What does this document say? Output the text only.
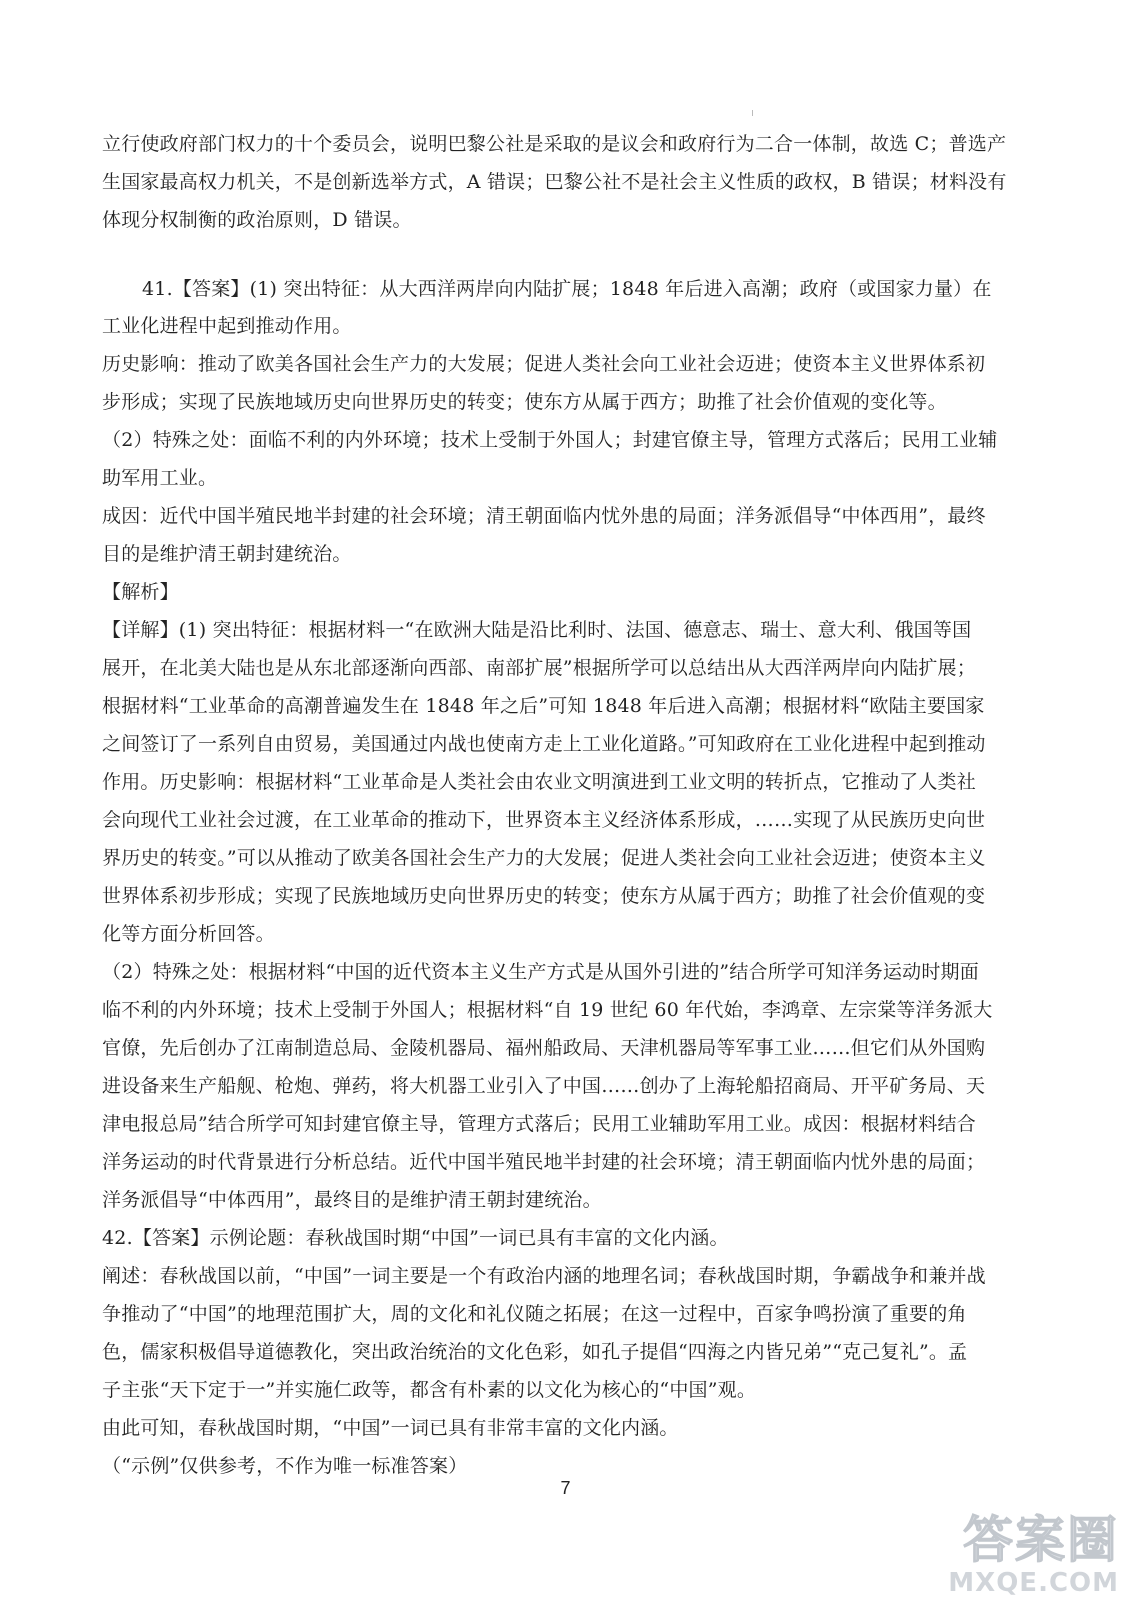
立行使政府部门权力的十个委员会，说明巴黎公社是采取的是议会和政府行为二合一体制，故选 C；普选产
生国家最高权力机关，不是创新选举方式，A 错误；巴黎公社不是社会主义性质的政权，B 错误；材料没有
体现分权制衡的政治原则，D 错误。
41.【答案】(1) 突出特征：从大西洋两岸向内陆扩展；1848 年后进入高潮；政府（或国家力量）在
工业化进程中起到推动作用。
历史影响：推动了欧美各国社会生产力的大发展；促进人类社会向工业社会迈进；使资本主义世界体系初
步形成；实现了民族地域历史向世界历史的转变；使东方从属于西方；助推了社会价值观的变化等。
（2）特殊之处：面临不利的内外环境；技术上受制于外国人；封建官僚主导，管理方式落后；民用工业辅
助军用工业。
成因：近代中国半殖民地半封建的社会环境；清王朝面临内忧外患的局面；洋务派倡导“中体西用”，最终
目的是维护清王朝封建统治。
【解析】
【详解】(1) 突出特征：根据材料一“在欧洲大陆是沿比利时、法国、德意志、瑞士、意大利、俄国等国
展开，在北美大陆也是从东北部逐渐向西部、南部扩展”根据所学可以总结出从大西洋两岸向内陆扩展；
根据材料“工业革命的高潮普遍发生在 1848 年之后”可知 1848 年后进入高潮；根据材料“欧陆主要国家
之间签订了一系列自由贸易，美国通过内战也使南方走上工业化道路。”可知政府在工业化进程中起到推动
作用。历史影响：根据材料“工业革命是人类社会由农业文明演进到工业文明的转折点，它推动了人类社
会向现代工业社会过渡，在工业革命的推动下，世界资本主义经济体系形成，……实现了从民族历史向世
界历史的转变。”可以从推动了欧美各国社会生产力的大发展；促进人类社会向工业社会迈进；使资本主义
世界体系初步形成；实现了民族地域历史向世界历史的转变；使东方从属于西方；助推了社会价值观的变
化等方面分析回答。
（2）特殊之处：根据材料“中国的近代资本主义生产方式是从国外引进的”结合所学可知洋务运动时期面
临不利的内外环境；技术上受制于外国人；根据材料“自 19 世纪 60 年代始，李鸿章、左宗棠等洋务派大
官僚，先后创办了江南制造总局、金陵机器局、福州船政局、天津机器局等军事工业……但它们从外国购
进设备来生产船舰、枪炮、弹药，将大机器工业引入了中国……创办了上海轮船招商局、开平矿务局、天
津电报总局”结合所学可知封建官僚主导，管理方式落后；民用工业辅助军用工业。成因：根据材料结合
洋务运动的时代背景进行分析总结。近代中国半殖民地半封建的社会环境；清王朝面临内忧外患的局面；
洋务派倡导“中体西用”，最终目的是维护清王朝封建统治。
42.【答案】示例论题：春秋战国时期“中国”一词已具有丰富的文化内涵。
阐述：春秋战国以前，“中国”一词主要是一个有政治内涵的地理名词；春秋战国时期，争霸战争和兼并战
争推动了“中国”的地理范围扩大，周的文化和礼仪随之拓展；在这一过程中，百家争鸣扮演了重要的角
色，儒家积极倡导道德教化，突出政治统治的文化色彩，如孔子提倡“四海之内皆兄弟”“克己复礼”。孟
子主张“天下定于一”并实施仁政等，都含有朴素的以文化为核心的“中国”观。
由此可知，春秋战国时期，“中国”一词已具有非常丰富的文化内涵。
（“示例”仅供参考，不作为唯一标准答案）
7
答案圈
MXQE.COM
